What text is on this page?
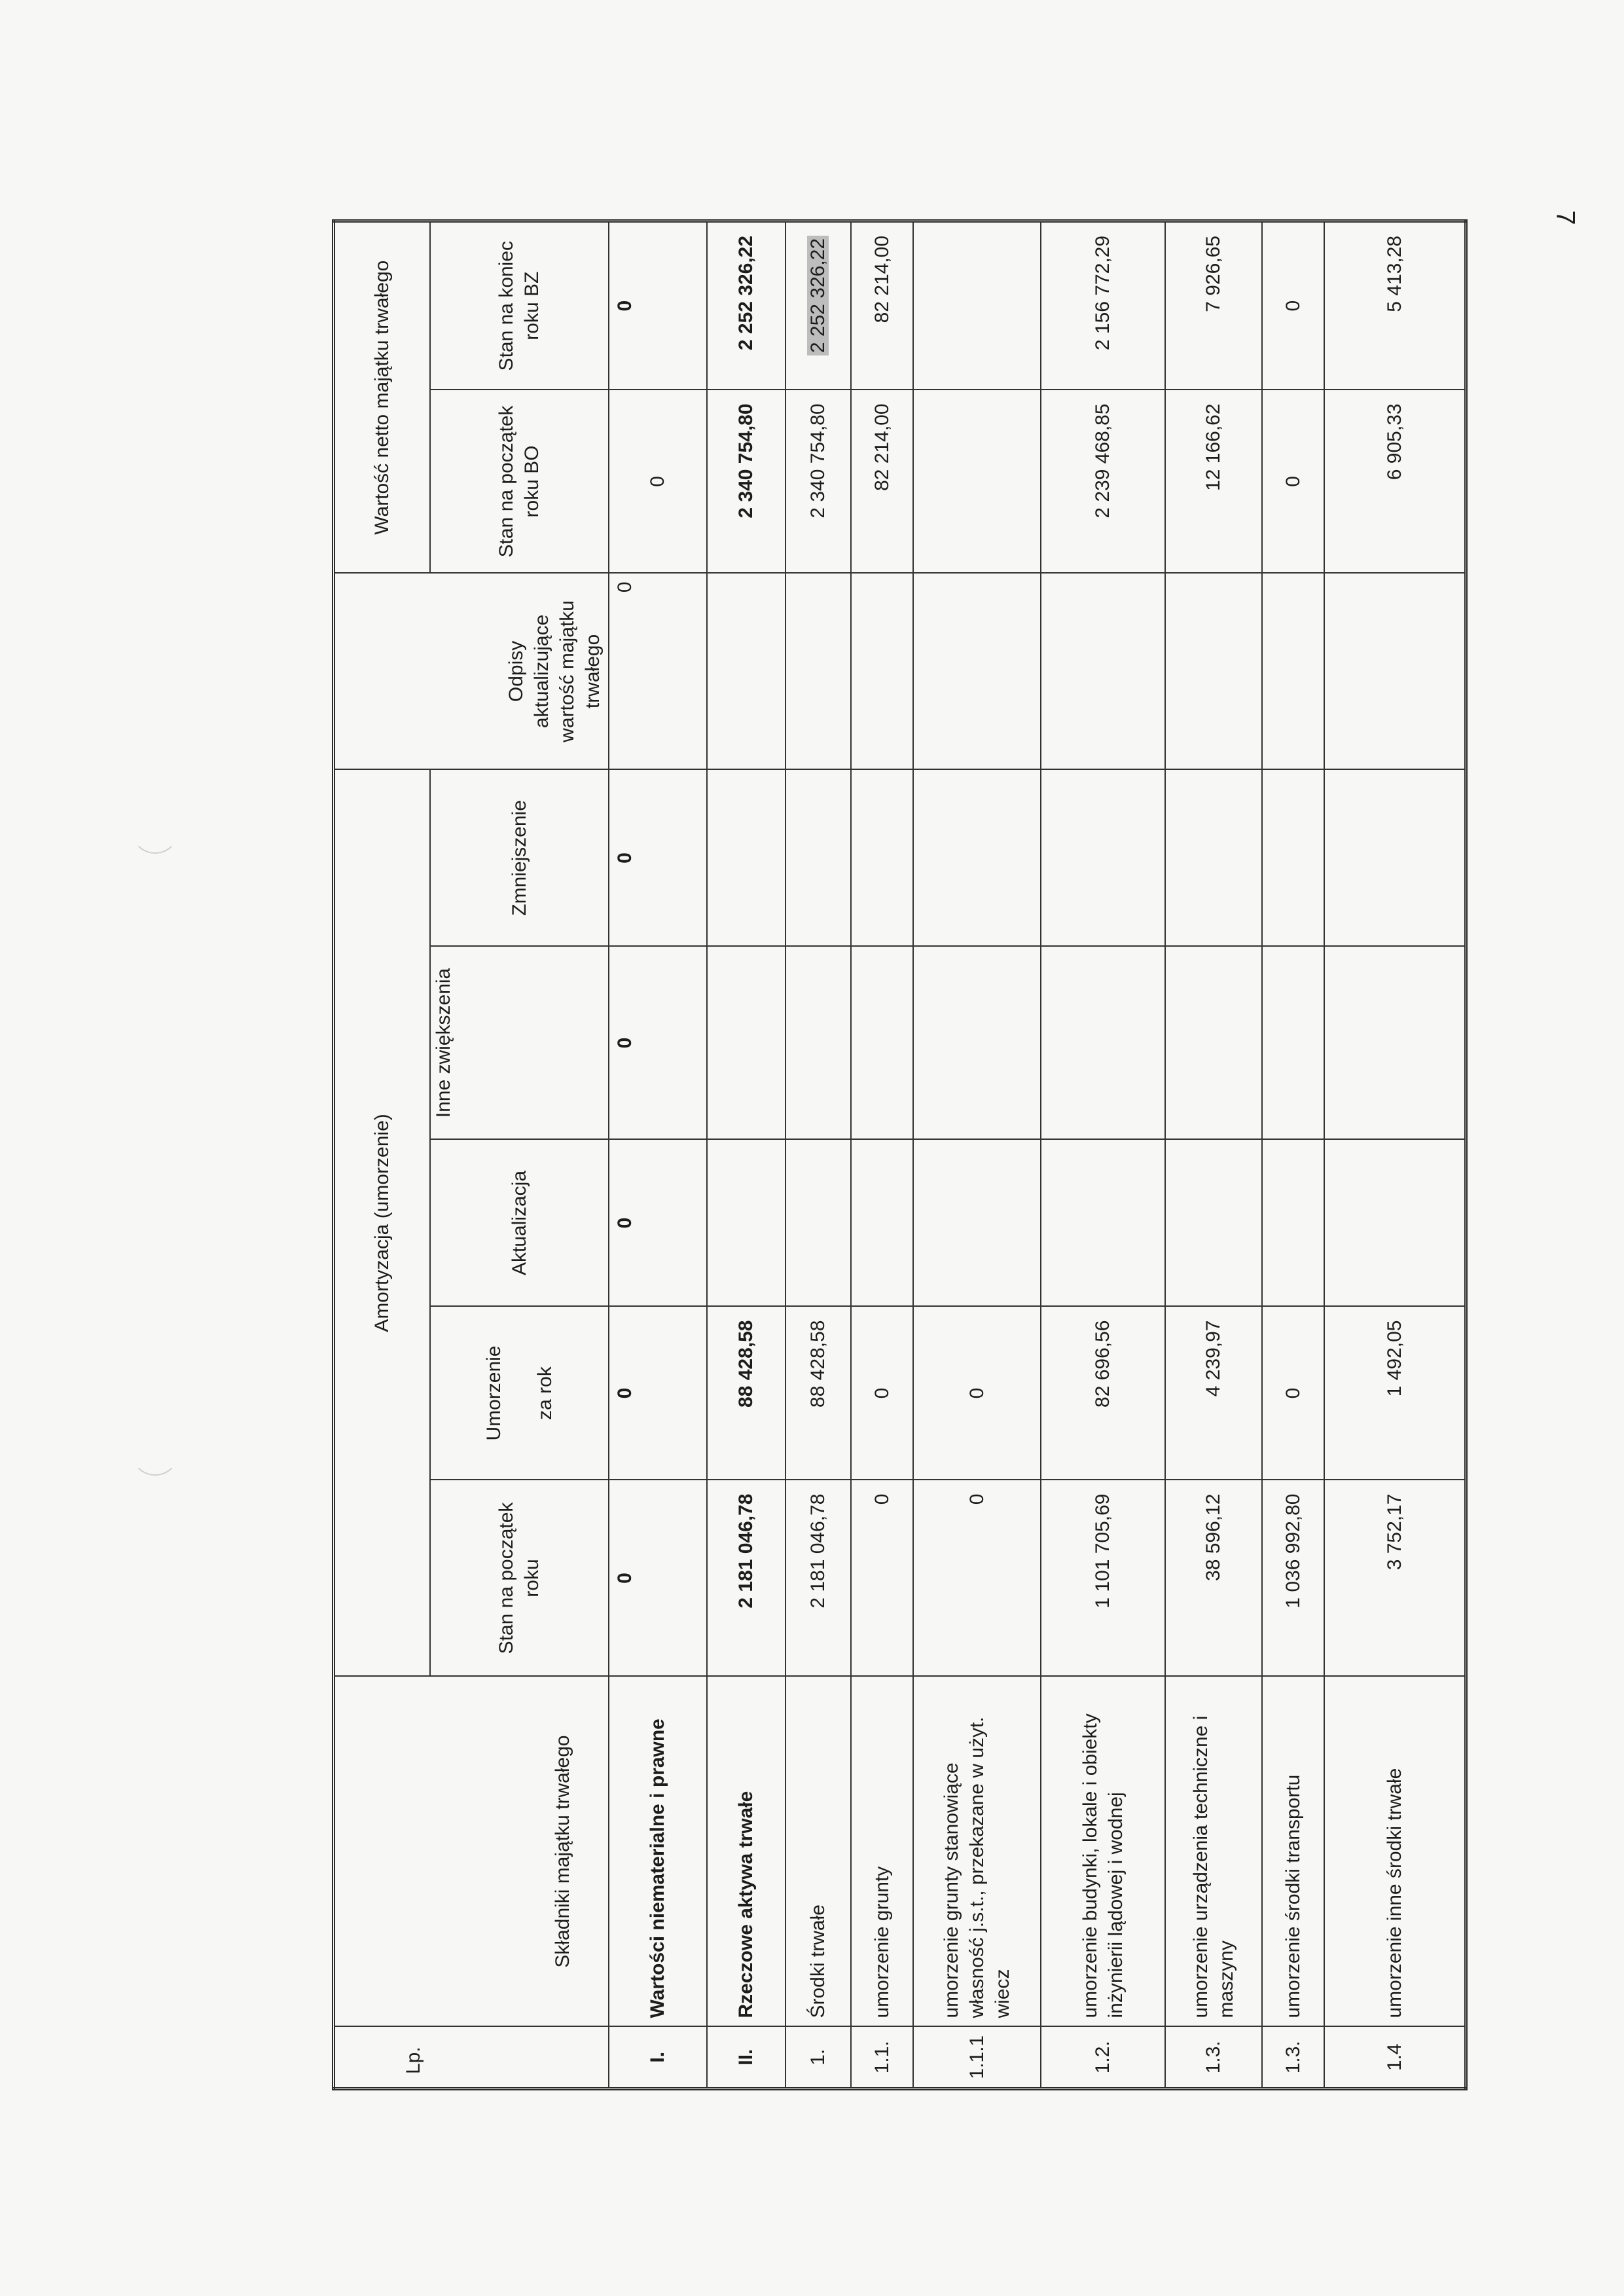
7
Lp.	Składniki majątku trwałego	Amortyzacja (umorzenie)					Odpisy aktualizujące wartość majątku trwałego	Wartość netto majątku trwałego	
		Stan na początek roku	Umorzenie za rok	Aktualizacja	Inne zwiększenia	Zmniejszenie		Stan na początek roku BO	Stan na koniec roku BZ
I.	Wartości niematerialne i prawne	0	0	0	0	0	0	0	0
II.	Rzeczowe aktywa trwałe	2 181 046,78	88 428,58					2 340 754,80	2 252 326,22
1.	Środki trwałe	2 181 046,78	88 428,58					2 340 754,80	2 252 326,22
1.1.	umorzenie grunty	0	0					82 214,00	82 214,00
1.1.1	umorzenie grunty stanowiące własność j.s.t., przekazane w użyt. wiecz	0	0						
1.2.	umorzenie budynki, lokale i obiekty inżynierii lądowej i wodnej	1 101 705,69	82 696,56					2 239 468,85	2 156 772,29
1.3.	umorzenie urządzenia techniczne i maszyny	38 596,12	4 239,97					12 166,62	7 926,65
1.3.	umorzenie środki transportu	1 036 992,80	0					0	0
1.4	umorzenie inne środki trwałe	3 752,17	1 492,05					6 905,33	5 413,28
